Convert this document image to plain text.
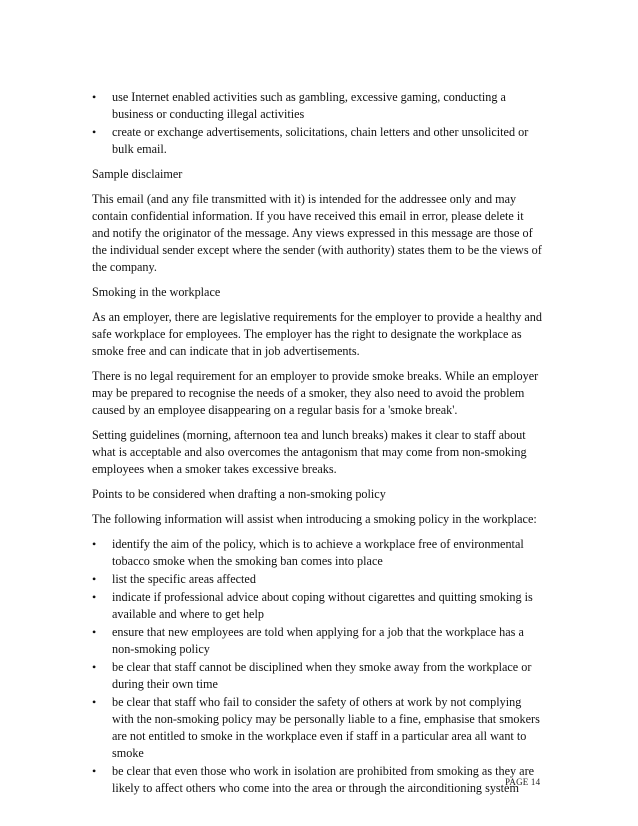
• use Internet enabled activities such as gambling, excessive gaming, conducting a business or conducting illegal activities
• create or exchange advertisements, solicitations, chain letters and other unsolicited or bulk email.

Sample disclaimer

This email (and any file transmitted with it) is intended for the addressee only and may contain confidential information. If you have received this email in error, please delete it and notify the originator of the message. Any views expressed in this message are those of the individual sender except where the sender (with authority) states them to be the views of the company.

Smoking in the workplace

As an employer, there are legislative requirements for the employer to provide a healthy and safe workplace for employees. The employer has the right to designate the workplace as smoke free and can indicate that in job advertisements.

There is no legal requirement for an employer to provide smoke breaks. While an employer may be prepared to recognise the needs of a smoker, they also need to avoid the problem caused by an employee disappearing on a regular basis for a 'smoke break'.

Setting guidelines (morning, afternoon tea and lunch breaks) makes it clear to staff about what is acceptable and also overcomes the antagonism that may come from non-smoking employees when a smoker takes excessive breaks.

Points to be considered when drafting a non-smoking policy

The following information will assist when introducing a smoking policy in the workplace:

• identify the aim of the policy, which is to achieve a workplace free of environmental tobacco smoke when the smoking ban comes into place
• list the specific areas affected
• indicate if professional advice about coping without cigarettes and quitting smoking is available and where to get help
• ensure that new employees are told when applying for a job that the workplace has a non-smoking policy
• be clear that staff cannot be disciplined when they smoke away from the workplace or during their own time
• be clear that staff who fail to consider the safety of others at work by not complying with the non-smoking policy may be personally liable to a fine, emphasise that smokers are not entitled to smoke in the workplace even if staff in a particular area all want to smoke
• be clear that even those who work in isolation are prohibited from smoking as they are likely to affect others who come into the area or through the airconditioning system
PAGE 14
